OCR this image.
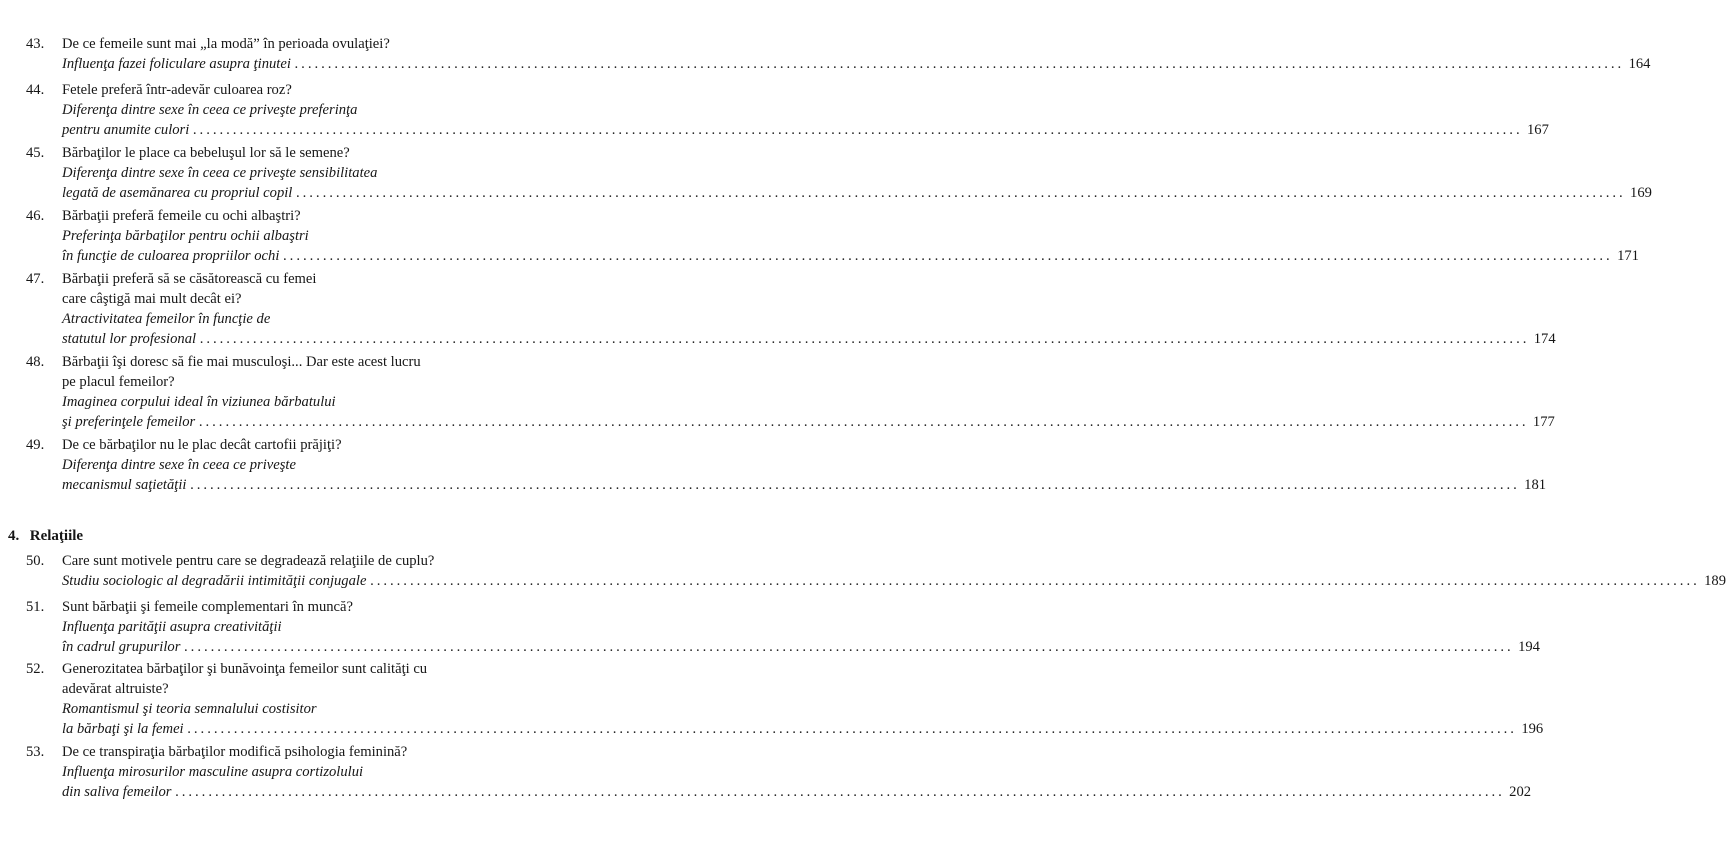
4. Relaţiile
43.	De ce femeile sunt mai „la modă” în perioada ovulaţiei?
Influenţa fazei foliculare asupra ţinutei ........................................................................................................................................................................................................ 164
44.	Fetele preferă într-adevăr culoarea roz?
Diferenţa dintre sexe în ceea ce priveşte preferinţa
pentru anumite culori ........................................................................................................................................................................................................ 167
45.	Bărbaţilor le place ca bebeluşul lor să le semene?
Diferenţa dintre sexe în ceea ce priveşte sensibilitatea
legată de asemănarea cu propriul copil ........................................................................................................................................................................................................ 169
46.	Bărbaţii preferă femeile cu ochi albaştri?
Preferinţa bărbaţilor pentru ochii albaştri
în funcţie de culoarea propriilor ochi ........................................................................................................................................................................................................ 171
47.	Bărbaţii preferă să se căsătorească cu femei
care câştigă mai mult decât ei?
Atractivitatea femeilor în funcţie de
statutul lor profesional ........................................................................................................................................................................................................ 174
48.	Bărbaţii îşi doresc să fie mai musculoşi... Dar este acest lucru
pe placul femeilor?
Imaginea corpului ideal în viziunea bărbatului
şi preferinţele femeilor ........................................................................................................................................................................................................ 177
49.	De ce bărbaţilor nu le plac decât cartofii prăjiţi?
Diferenţa dintre sexe în ceea ce priveşte
mecanismul saţietăţii ........................................................................................................................................................................................................ 181
50.	Care sunt motivele pentru care se degradează relaţiile de cuplu?
Studiu sociologic al degradării intimităţii conjugale ........................................................................................................................................................................................................ 189
51.	Sunt bărbaţii şi femeile complementari în muncă?
Influenţa parităţii asupra creativităţii
în cadrul grupurilor ........................................................................................................................................................................................................ 194
52.	Generozitatea bărbaţilor şi bunăvoinţa femeilor sunt calităţi cu
adevărat altruiste?
Romantismul şi teoria semnalului costisitor
la bărbaţi şi la femei ........................................................................................................................................................................................................ 196
53.	De ce transpiraţia bărbaţilor modifică psihologia feminină?
Influenţa mirosurilor masculine asupra cortizolului
din saliva femeilor ........................................................................................................................................................................................................ 202
